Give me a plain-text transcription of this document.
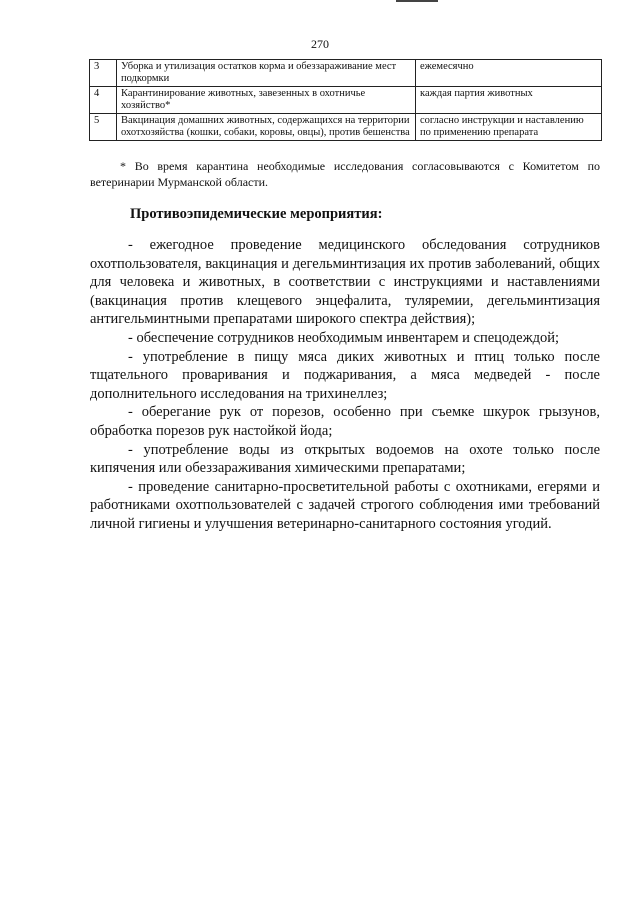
270
3	Уборка и утилизация остатков корма и обеззараживание мест подкормки	ежемесячно
4	Карантинирование животных, завезенных в охотничье хозяйство*	каждая партия животных
5	Вакцинация домашних животных, содержащихся на территории охотхозяйства (кошки, собаки, коровы, овцы), против бешенства	согласно инструкции и наставлению по применению препарата
* Во время карантина необходимые исследования согласовываются с Комитетом по ветеринарии Мурманской области.
Противоэпидемические мероприятия:

- ежегодное проведение медицинского обследования сотрудников охотпользователя, вакцинация и дегельминтизация их против заболеваний, общих для человека и животных, в соответствии с инструкциями и наставлениями (вакцинация против клещевого энцефалита, туляремии, дегельминтизация антигельминтными препаратами широкого спектра действия);

- обеспечение сотрудников необходимым инвентарем и спецодеждой;

- употребление в пищу мяса диких животных и птиц только после тщательного проваривания и поджаривания, а мяса медведей - после дополнительного исследования на трихинеллез;

- оберегание рук от порезов, особенно при съемке шкурок грызунов, обработка порезов рук настойкой йода;

- употребление воды из открытых водоемов на охоте только после кипячения или обеззараживания химическими препаратами;

- проведение санитарно-просветительной работы с охотниками, егерями и работниками охотпользователей с задачей строгого соблюдения ими требований личной гигиены и улучшения ветеринарно-санитарного состояния угодий.
